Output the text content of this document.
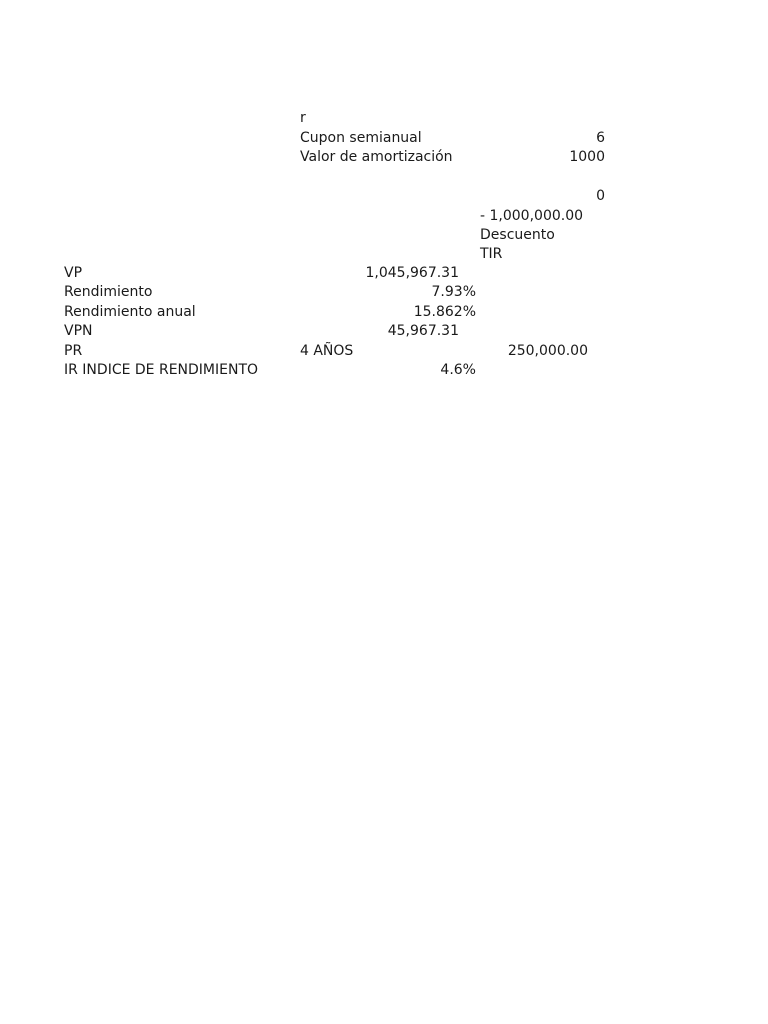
r
Cupon semianual	6
Valor de amortización	1000
0
- 1,000,000.00
Descuento
TIR
VP	1,045,967.31
Rendimiento	7.93%
Rendimiento anual	15.862%
VPN	45,967.31
PR	4 AÑOS	250,000.00
IR INDICE DE RENDIMIENTO	4.6%
